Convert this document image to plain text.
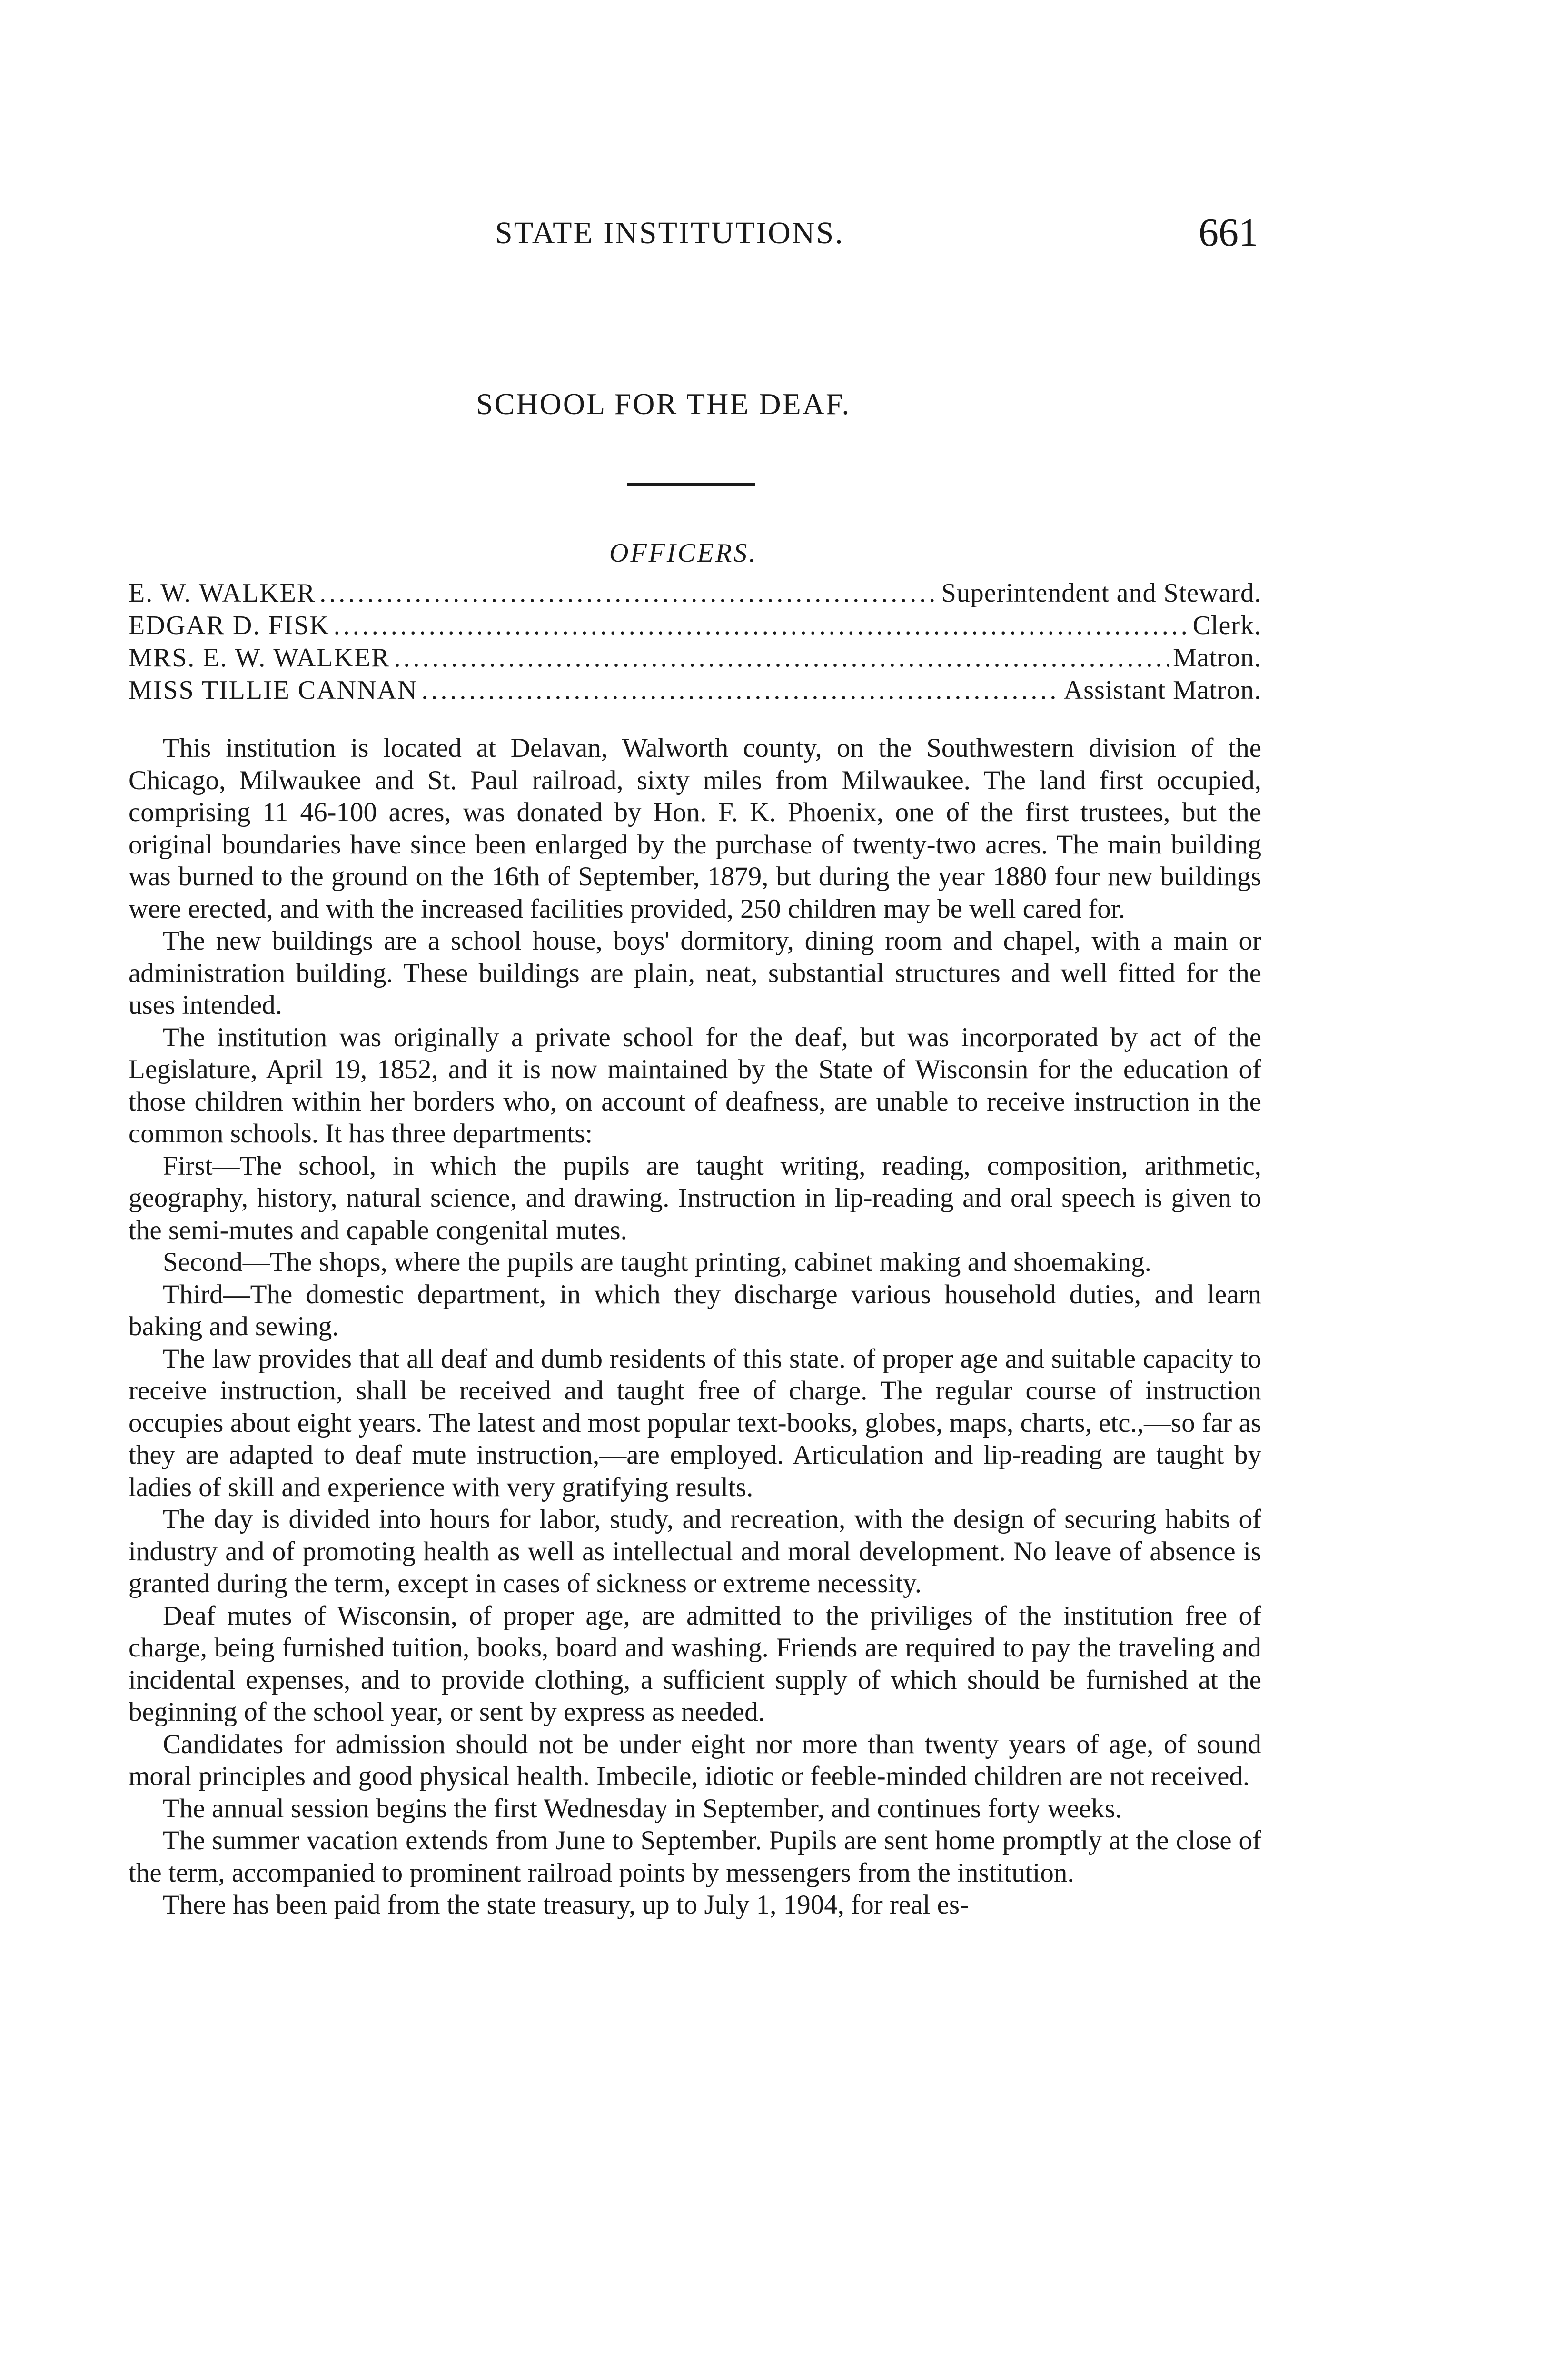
STATE INSTITUTIONS.	661
SCHOOL FOR THE DEAF.
OFFICERS.
E. W. WALKER .....	Superintendent and Steward.
EDGAR D. FISK .....	Clerk.
MRS. E. W. WALKER .....	Matron.
MISS TILLIE CANNAN .....	Assistant Matron.

This institution is located at Delavan, Walworth county, on the Southwestern division of the Chicago, Milwaukee and St. Paul railroad, sixty miles from Milwaukee. The land first occupied, comprising 11 46-100 acres, was donated by Hon. F. K. Phoenix, one of the first trustees, but the original boundaries have since been enlarged by the purchase of twenty-two acres. The main building was burned to the ground on the 16th of September, 1879, but during the year 1880 four new buildings were erected, and with the increased facilities provided, 250 children may be well cared for.

The new buildings are a school house, boys' dormitory, dining room and chapel, with a main or administration building. These buildings are plain, neat, substantial structures and well fitted for the uses intended.

The institution was originally a private school for the deaf, but was incorporated by act of the Legislature, April 19, 1852, and it is now maintained by the State of Wisconsin for the education of those children within her borders who, on account of deafness, are unable to receive instruction in the common schools. It has three departments:

First—The school, in which the pupils are taught writing, reading, composition, arithmetic, geography, history, natural science, and drawing. Instruction in lip-reading and oral speech is given to the semi-mutes and capable congenital mutes.

Second—The shops, where the pupils are taught printing, cabinet making and shoemaking.

Third—The domestic department, in which they discharge various household duties, and learn baking and sewing.

The law provides that all deaf and dumb residents of this state. of proper age and suitable capacity to receive instruction, shall be received and taught free of charge. The regular course of instruction occupies about eight years. The latest and most popular text-books, globes, maps, charts, etc.,—so far as they are adapted to deaf mute instruction,—are employed. Articulation and lip-reading are taught by ladies of skill and experience with very gratifying results.

The day is divided into hours for labor, study, and recreation, with the design of securing habits of industry and of promoting health as well as intellectual and moral development. No leave of absence is granted during the term, except in cases of sickness or extreme necessity.

Deaf mutes of Wisconsin, of proper age, are admitted to the priviliges of the institution free of charge, being furnished tuition, books, board and washing. Friends are required to pay the traveling and incidental expenses, and to provide clothing, a sufficient supply of which should be furnished at the beginning of the school year, or sent by express as needed.

Candidates for admission should not be under eight nor more than twenty years of age, of sound moral principles and good physical health. Imbecile, idiotic or feeble-minded children are not received.

The annual session begins the first Wednesday in September, and continues forty weeks.

The summer vacation extends from June to September. Pupils are sent home promptly at the close of the term, accompanied to prominent railroad points by messengers from the institution.

There has been paid from the state treasury, up to July 1, 1904, for real es-
